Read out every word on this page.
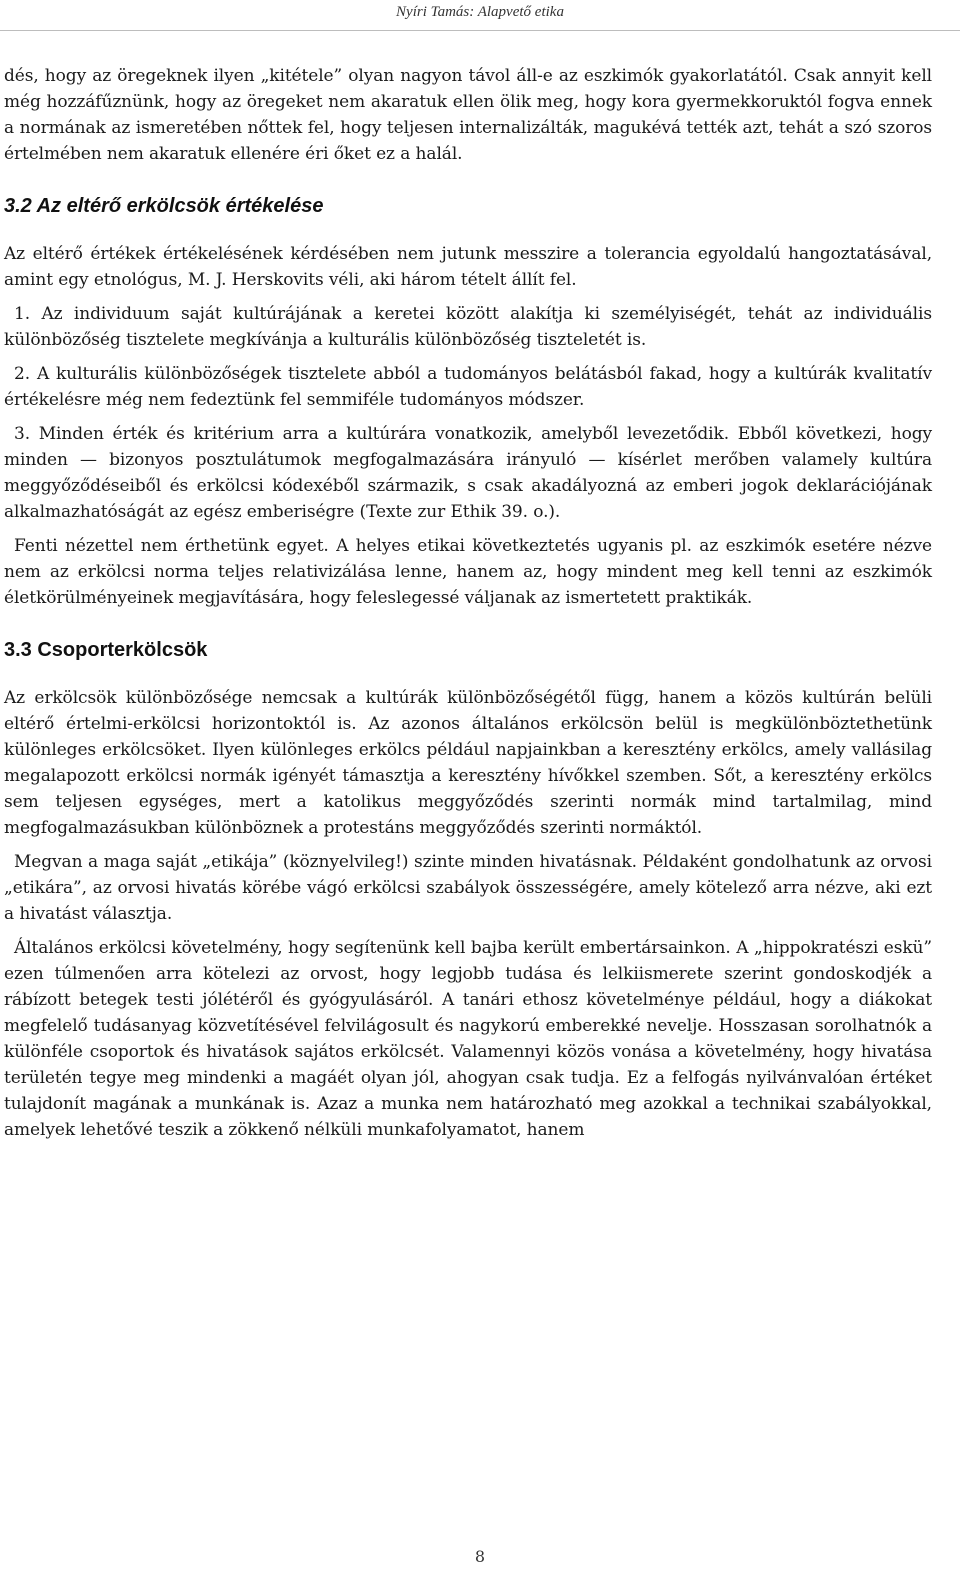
Nyíri Tamás: Alapvető etika

dés, hogy az öregeknek ilyen „kitétele” olyan nagyon távol áll-e az eszkimók gyakorlatától. Csak annyit kell még hozzáfűznünk, hogy az öregeket nem akaratuk ellen ölik meg, hogy kora gyermekkoruktól fogva ennek a normának az ismeretében nőttek fel, hogy teljesen internalizálták, magukévá tették azt, tehát a szó szoros értelmében nem akaratuk ellenére éri őket ez a halál.

3.2 Az eltérő erkölcsök értékelése

Az eltérő értékek értékelésének kérdésében nem jutunk messzire a tolerancia egyoldalú hangoztatásával, amint egy etnológus, M. J. Herskovits véli, aki három tételt állít fel.

1. Az individuum saját kultúrájának a keretei között alakítja ki személyiségét, tehát az individuális különbözőség tisztelete megkívánja a kulturális különbözőség tiszteletét is.

2. A kulturális különbözőségek tisztelete abból a tudományos belátásból fakad, hogy a kultúrák kvalitatív értékelésre még nem fedeztünk fel semmiféle tudományos módszer.

3. Minden érték és kritérium arra a kultúrára vonatkozik, amelyből levezetődik. Ebből következi, hogy minden — bizonyos posztulátumok megfogalmazására irányuló — kísérlet merőben valamely kultúra meggyőződéseiből és erkölcsi kódexéből származik, s csak akadályozná az emberi jogok deklarációjának alkalmazhatóságát az egész emberiségre (Texte zur Ethik 39. o.).

Fenti nézettel nem érthetünk egyet. A helyes etikai következtetés ugyanis pl. az eszkimók esetére nézve nem az erkölcsi norma teljes relativizálása lenne, hanem az, hogy mindent meg kell tenni az eszkimók életkörülményeinek megjavítására, hogy feleslegessé váljanak az ismertetett praktikák.

3.3 Csoporterkölcsök

Az erkölcsök különbözősége nemcsak a kultúrák különbözőségétől függ, hanem a közös kultúrán belüli eltérő értelmi-erkölcsi horizontoktól is. Az azonos általános erkölcsön belül is megkülönböztethetünk különleges erkölcsöket. Ilyen különleges erkölcs például napjainkban a keresztény erkölcs, amely vallásilag megalapozott erkölcsi normák igényét támasztja a keresztény hívőkkel szemben. Sőt, a keresztény erkölcs sem teljesen egységes, mert a katolikus meggyőződés szerinti normák mind tartalmilag, mind megfogalmazásukban különböznek a protestáns meggyőződés szerinti normáktól.

Megvan a maga saját „etikája” (köznyelvileg!) szinte minden hivatásnak. Példaként gondolhatunk az orvosi „etikára”, az orvosi hivatás körébe vágó erkölcsi szabályok összességére, amely kötelező arra nézve, aki ezt a hivatást választja.

Általános erkölcsi követelmény, hogy segítenünk kell bajba került embertársainkon. A „hippokratészi eskü” ezen túlmenően arra kötelezi az orvost, hogy legjobb tudása és lelkiismerete szerint gondoskodjék a rábízott betegek testi jólétéről és gyógyulásáról. A tanári ethosz követelménye például, hogy a diákokat megfelelő tudásanyag közvetítésével felvilágosult és nagykorú emberekké nevelje. Hosszasan sorolhatnók a különféle csoportok és hivatások sajátos erkölcsét. Valamennyi közös vonása a követelmény, hogy hivatása területén tegye meg mindenki a magáét olyan jól, ahogyan csak tudja. Ez a felfogás nyilvánvalóan értéket tulajdonít magának a munkának is. Azaz a munka nem határozható meg azokkal a technikai szabályokkal, amelyek lehetővé teszik a zökkenő nélküli munkafolyamatot, hanem

8
